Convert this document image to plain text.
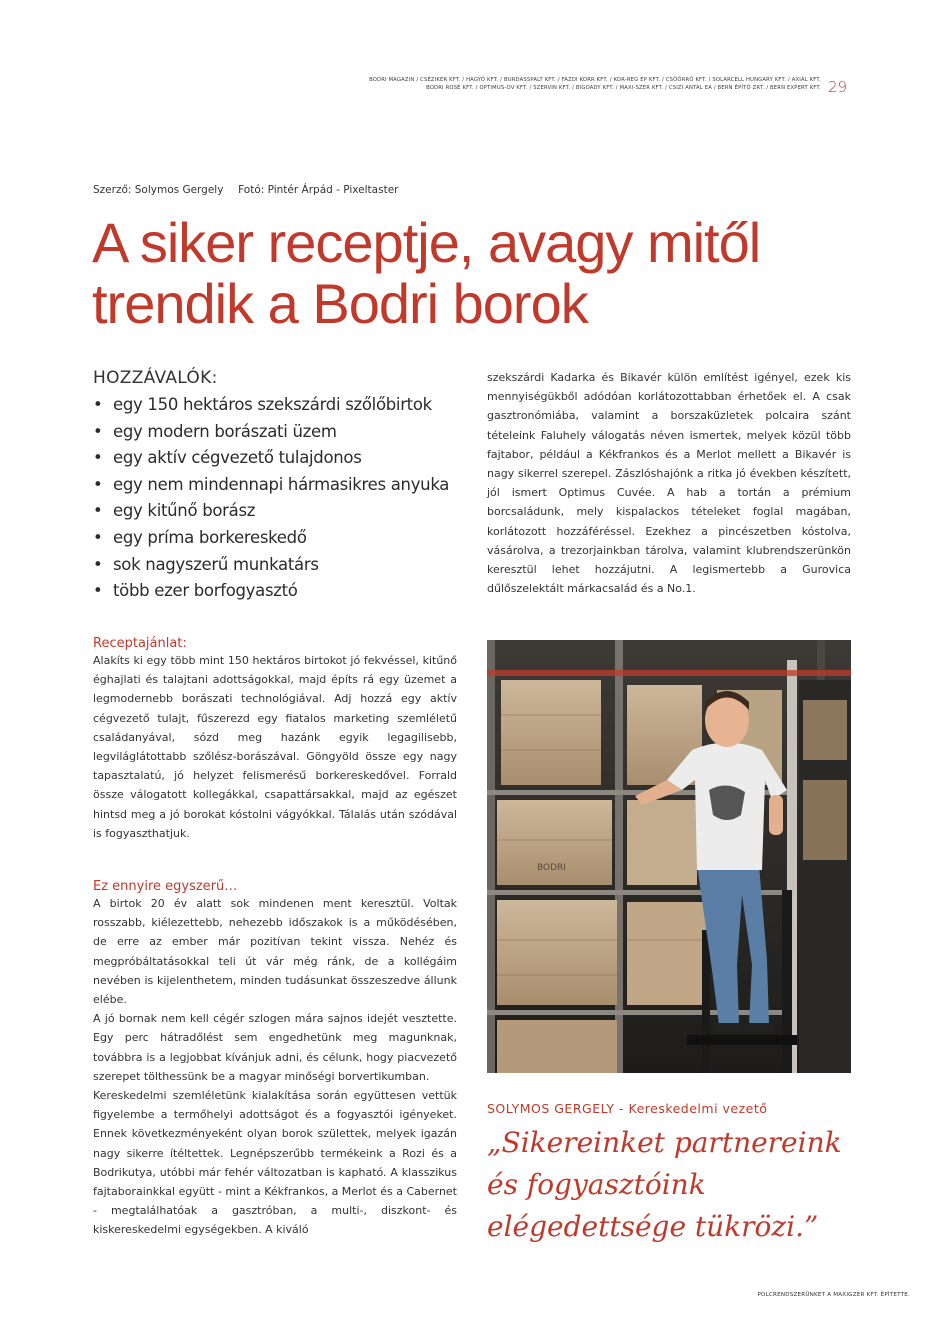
BODRI MAGAZIN / CSÉZIKER KFT. / HAGYÓ KFT. / BURDASSPALT KFT. / FAZDI KORR KFT. / KOR-REG ÉP KFT. / CSŐŐRRÓ KFT. / SOLARCELL HUNGARY KFT. / AXIÁL KFT.
BODRI ROSÉ KFT. / OPTIMUS-OV KFT. / SZERVIN KFT. / BIGOADY KFT. / MAXI-SZER KFT. / CSIZI ANTAL EA / BERN ÉPÍTŐ ZRT. / BERN EXPERT KFT. 29
Szerző: Solymos Gergely Fotó: Pintér Árpád - Pixeltaster
A siker receptje, avagy mitől
trendik a Bodri borok
HOZZÁVALÓK:
• egy 150 hektáros szekszárdi szőlőbirtok
• egy modern borászati üzem
• egy aktív cégvezető tulajdonos
• egy nem mindennapi hármasikres anyuka
• egy kitűnő borász
• egy príma borkereskedő
• sok nagyszerű munkatárs
• több ezer borfogyasztó
Receptajánlat:
Alakíts ki egy több mint 150 hektáros birtokot jó fekvéssel, kitűnő éghajlati és talajtani adottságokkal, majd építs rá egy üzemet a legmodernebb borászati technológiával. Adj hozzá egy aktív cégvezető tulajt, fűszerezd egy fiatalos marketing szemléletű családanyával, sózd meg hazánk egyik legagilisebb, legviláglátottabb szőlész-borászával. Göngyöld össze egy nagy tapasztalatú, jó helyzet felismerésű borkereskedővel. Forrald össze válogatott kollegákkal, csapattársakkal, majd az egészet hintsd meg a jó borokat kóstolni vágyókkal. Tálalás után szódával is fogyaszthatjuk.
Ez ennyire egyszerű…
A birtok 20 év alatt sok mindenen ment keresztül. Voltak rosszabb, kiélezettebb, nehezebb időszakok is a működésében, de erre az ember már pozitívan tekint vissza. Nehéz és megpróbáltatásokkal teli út vár még ránk, de a kollégáim nevében is kijelenthetem, minden tudásunkat összeszedve állunk elébe.
A jó bornak nem kell cégér szlogen mára sajnos idejét vesztette. Egy perc hátradőlést sem engedhetünk meg magunknak, továbbra is a legjobbat kívánjuk adni, és célunk, hogy piacvezető szerepet tölthessünk be a magyar minőségi borvertikumban.
Kereskedelmi szemléletünk kialakítása során együttesen vettük figyelembe a termőhelyi adottságot és a fogyasztói igényeket. Ennek következményeként olyan borok születtek, melyek igazán nagy sikerre ítéltettek. Legnépszerűbb termékeink a Rozi és a Bodrikutya, utóbbi már fehér változatban is kapható. A klasszikus fajtaborainkkal együtt - mint a Kékfrankos, a Merlot és a Cabernet - megtalálhatóak a gasztróban, a multi-, diszkont- és kiskereskedelmi egységekben. A kiváló
szekszárdi Kadarka és Bikavér külön említést igényel, ezek kis mennyiségükből adódóan korlátozottabban érhetőek el. A csak gasztronómiába, valamint a borszaküzletek polcaira szánt tételeink Faluhely válogatás néven ismertek, melyek közül több fajtabor, például a Kékfrankos és a Merlot mellett a Bikavér is nagy sikerrel szerepel. Zászlóshajónk a ritka jó években készített, jól ismert Optimus Cuvée. A hab a tortán a prémium borcsaládunk, mely kispalackos tételeket foglal magában, korlátozott hozzáféréssel. Ezekhez a pincészetben kóstolva, vásárolva, a trezorjainkban tárolva, valamint klubrendszerünkön keresztül lehet hozzájutni. A legismertebb a Gurovica dűlőszelektált márkacsalád és a No.1.
BODRI
SOLYMOS GERGELY - Kereskedelmi vezető
„Sikereinket partnereink és fogyasztóink elégedettsége tükrözi.”
POLCRENDSZERÜNKET A MAXIGZER KFT. ÉPÍTETTE.
